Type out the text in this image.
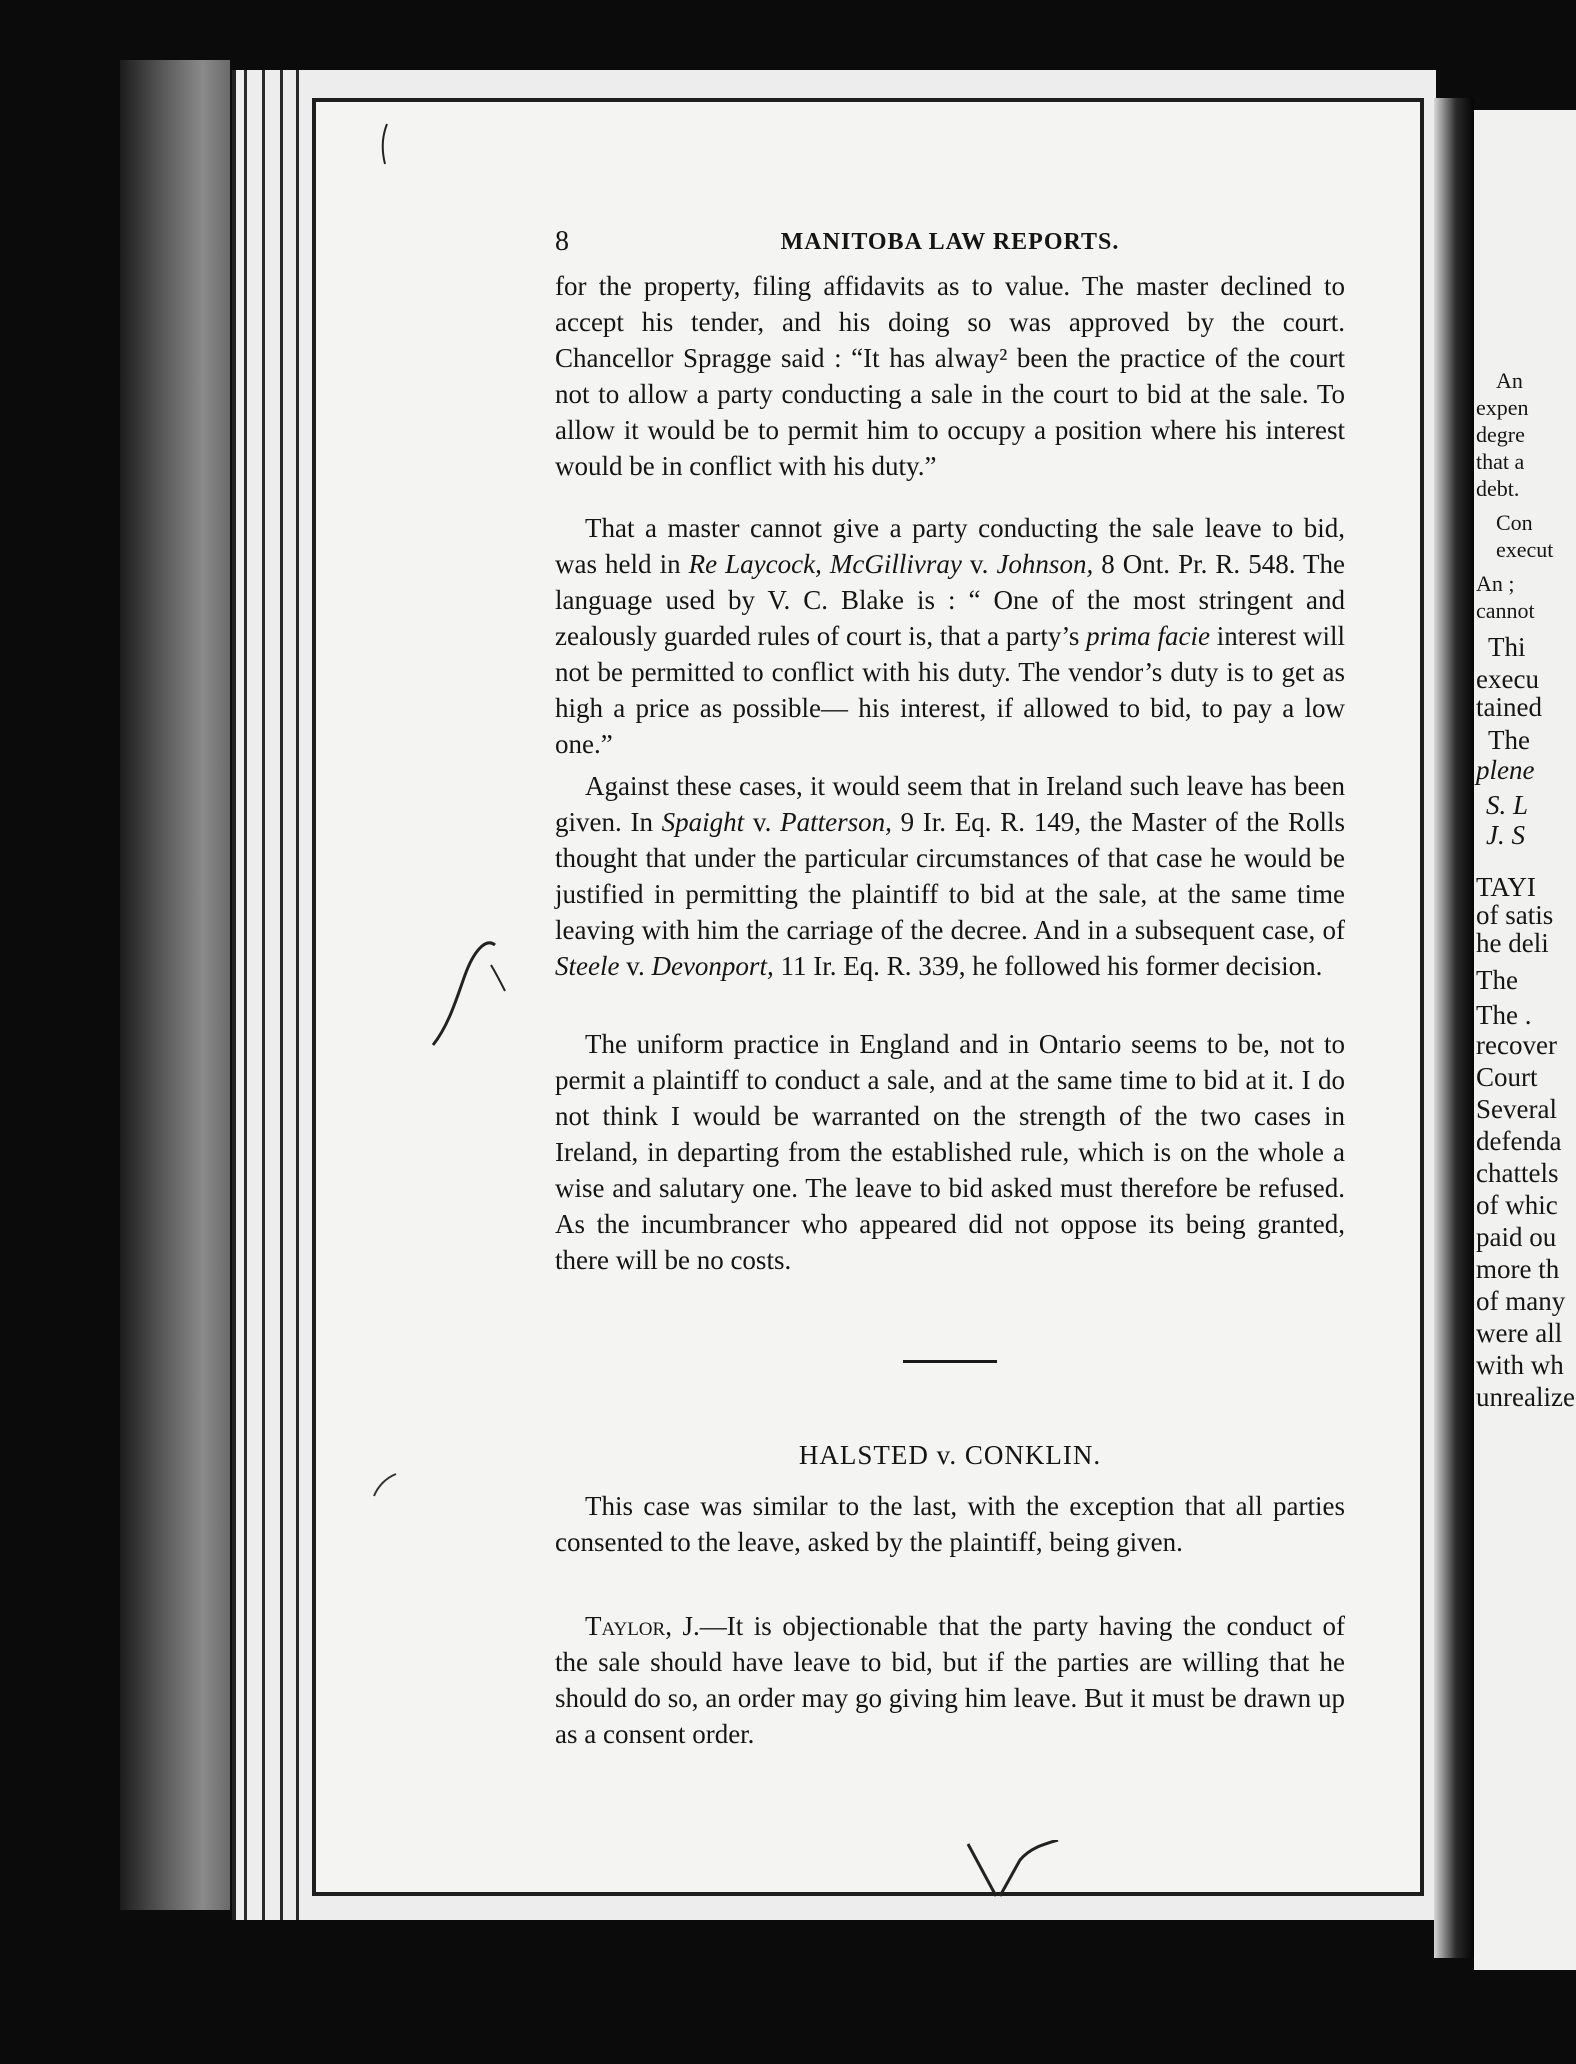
8	MANITOBA LAW REPORTS.

for the property, filing affidavits as to value. The master declined to accept his tender, and his doing so was approved by the court. Chancellor Spragge said : “It has alway² been the practice of the court not to allow a party conducting a sale in the court to bid at the sale. To allow it would be to permit him to occupy a position where his interest would be in conflict with his duty.”

That a master cannot give a party conducting the sale leave to bid, was held in Re Laycock, McGillivray v. Johnson, 8 Ont. Pr. R. 548. The language used by V. C. Blake is : “ One of the most stringent and zealously guarded rules of court is, that a party’s prima facie interest will not be permitted to conflict with his duty. The vendor’s duty is to get as high a price as possible— his interest, if allowed to bid, to pay a low one.”

Against these cases, it would seem that in Ireland such leave has been given. In Spaight v. Patterson, 9 Ir. Eq. R. 149, the Master of the Rolls thought that under the particular circumstances of that case he would be justified in permitting the plaintiff to bid at the sale, at the same time leaving with him the carriage of the decree. And in a subsequent case, of Steele v. Devonport, 11 Ir. Eq. R. 339, he followed his former decision.

The uniform practice in England and in Ontario seems to be, not to permit a plaintiff to conduct a sale, and at the same time to bid at it. I do not think I would be warranted on the strength of the two cases in Ireland, in departing from the established rule, which is on the whole a wise and salutary one. The leave to bid asked must therefore be refused. As the incumbrancer who appeared did not oppose its being granted, there will be no costs.

HALSTED v. CONKLIN.

This case was similar to the last, with the exception that all parties consented to the leave, asked by the plaintiff, being given.

Taylor, J.—It is objectionable that the party having the conduct of the sale should have leave to bid, but if the parties are willing that he should do so, an order may go giving him leave. But it must be drawn up as a consent order.

An
expen
degre
that a
debt.
Con
execut
An ;
cannot
Thi
execu
tained
The
plene
S. L
J. S
TAYI
of satis
he deli
The
The .
recover
Court
Several
defenda
chattels
of whic
paid ou
more th
of many
were all
with wh
unrealize
